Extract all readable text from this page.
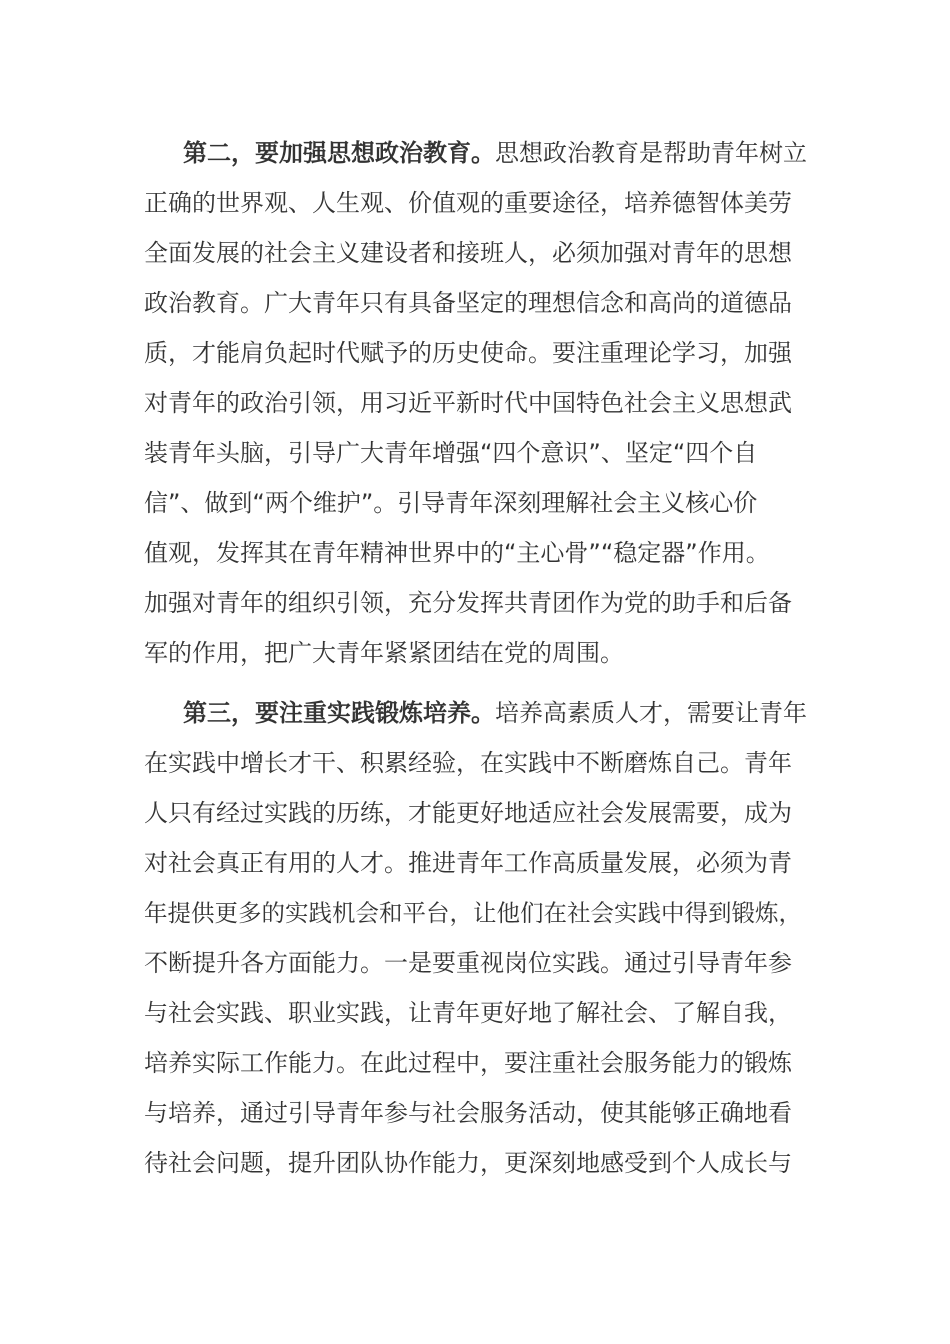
第二，要加强思想政治教育。思想政治教育是帮助青年树立
正确的世界观、人生观、价值观的重要途径，培养德智体美劳
全面发展的社会主义建设者和接班人，必须加强对青年的思想
政治教育。广大青年只有具备坚定的理想信念和高尚的道德品
质，才能肩负起时代赋予的历史使命。要注重理论学习，加强
对青年的政治引领，用习近平新时代中国特色社会主义思想武
装青年头脑，引导广大青年增强“四个意识”、坚定“四个自
信”、做到“两个维护”。引导青年深刻理解社会主义核心价
值观，发挥其在青年精神世界中的“主心骨”“稳定器”作用。
加强对青年的组织引领，充分发挥共青团作为党的助手和后备
军的作用，把广大青年紧紧团结在党的周围。
第三，要注重实践锻炼培养。培养高素质人才，需要让青年
在实践中增长才干、积累经验，在实践中不断磨炼自己。青年
人只有经过实践的历练，才能更好地适应社会发展需要，成为
对社会真正有用的人才。推进青年工作高质量发展，必须为青
年提供更多的实践机会和平台，让他们在社会实践中得到锻炼，
不断提升各方面能力。一是要重视岗位实践。通过引导青年参
与社会实践、职业实践，让青年更好地了解社会、了解自我，
培养实际工作能力。在此过程中，要注重社会服务能力的锻炼
与培养，通过引导青年参与社会服务活动，使其能够正确地看
待社会问题，提升团队协作能力，更深刻地感受到个人成长与
